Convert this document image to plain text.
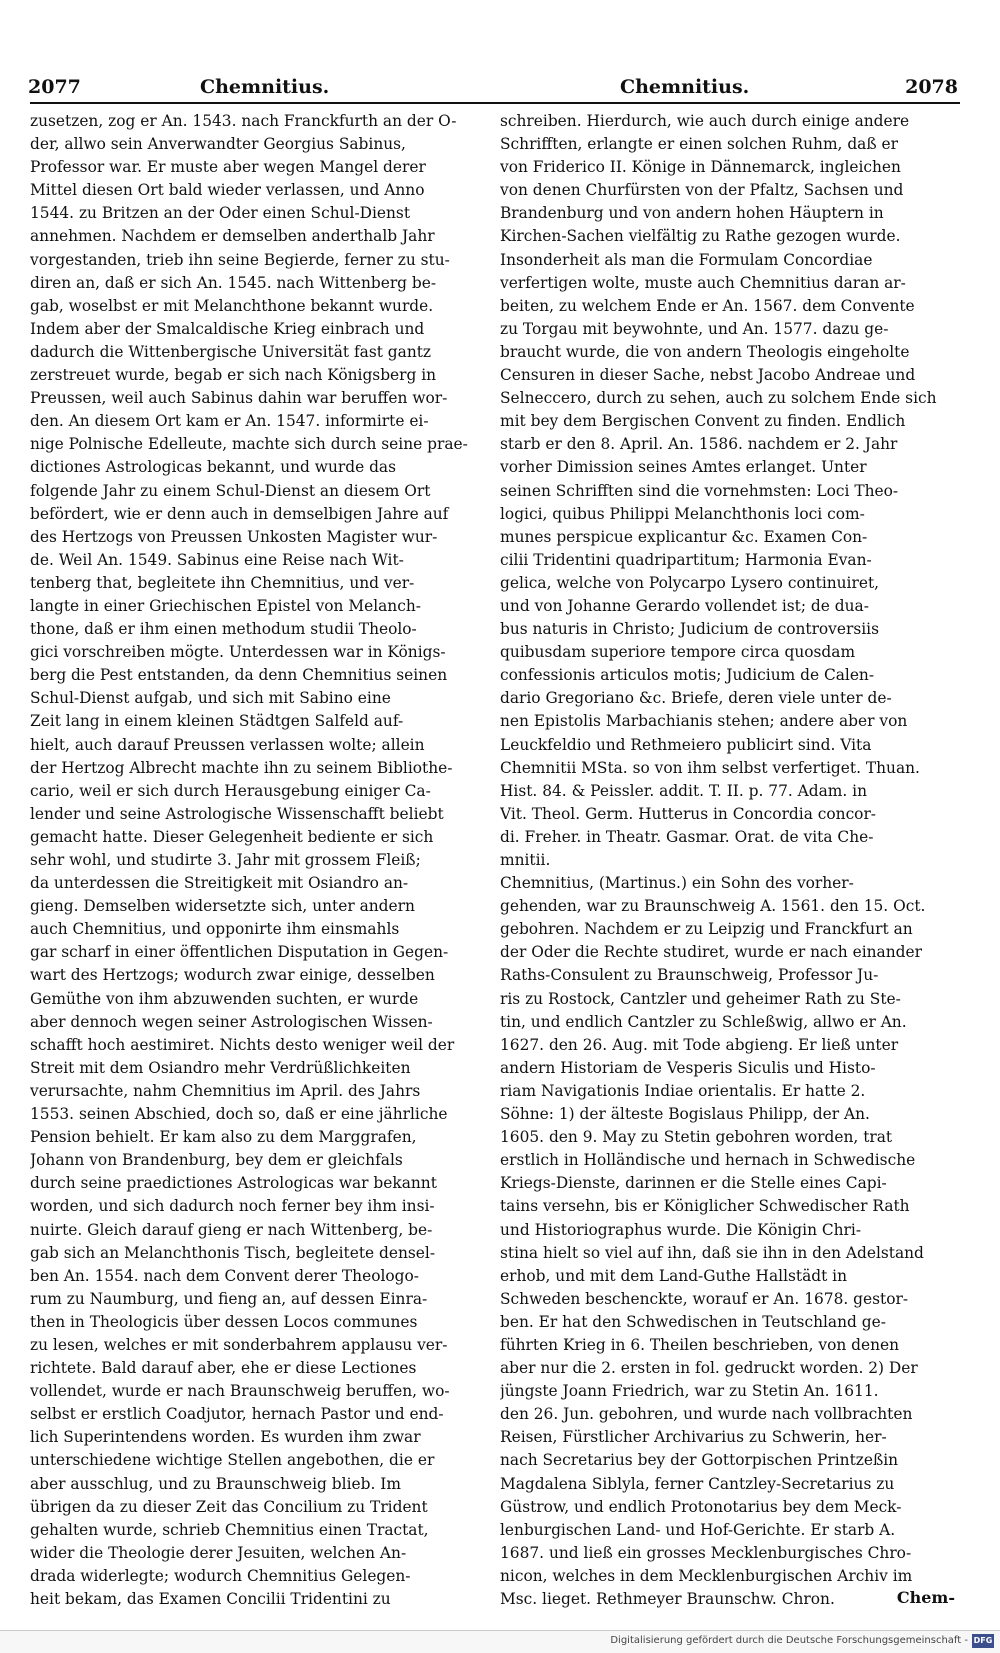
2077	Chemnitius.	Chemnitius.	2078
zusetzen, zog er An. 1543. nach Franckfurth an der O-
der, allwo sein Anverwandter Georgius Sabinus,
Professor war. Er muste aber wegen Mangel derer
Mittel diesen Ort bald wieder verlassen, und Anno
1544. zu Britzen an der Oder einen Schul-Dienst
annehmen. Nachdem er demselben anderthalb Jahr
vorgestanden, trieb ihn seine Begierde, ferner zu stu-
diren an, daß er sich An. 1545. nach Wittenberg be-
gab, woselbst er mit Melanchthone bekannt wurde.
Indem aber der Smalcaldische Krieg einbrach und
dadurch die Wittenbergische Universität fast gantz
zerstreuet wurde, begab er sich nach Königsberg in
Preussen, weil auch Sabinus dahin war beruffen wor-
den. An diesem Ort kam er An. 1547. informirte ei-
nige Polnische Edelleute, machte sich durch seine prae-
dictiones Astrologicas bekannt, und wurde das
folgende Jahr zu einem Schul-Dienst an diesem Ort
befördert, wie er denn auch in demselbigen Jahre auf
des Hertzogs von Preussen Unkosten Magister wur-
de. Weil An. 1549. Sabinus eine Reise nach Wit-
tenberg that, begleitete ihn Chemnitius, und ver-
langte in einer Griechischen Epistel von Melanch-
thone, daß er ihm einen methodum studii Theolo-
gici vorschreiben mögte. Unterdessen war in Königs-
berg die Pest entstanden, da denn Chemnitius seinen
Schul-Dienst aufgab, und sich mit Sabino eine
Zeit lang in einem kleinen Städtgen Salfeld auf-
hielt, auch darauf Preussen verlassen wolte; allein
der Hertzog Albrecht machte ihn zu seinem Bibliothe-
cario, weil er sich durch Herausgebung einiger Ca-
lender und seine Astrologische Wissenschafft beliebt
gemacht hatte. Dieser Gelegenheit bediente er sich
sehr wohl, und studirte 3. Jahr mit grossem Fleiß;
da unterdessen die Streitigkeit mit Osiandro an-
gieng. Demselben widersetzte sich, unter andern
auch Chemnitius, und opponirte ihm einsmahls
gar scharf in einer öffentlichen Disputation in Gegen-
wart des Hertzogs; wodurch zwar einige, desselben
Gemüthe von ihm abzuwenden suchten, er wurde
aber dennoch wegen seiner Astrologischen Wissen-
schafft hoch aestimiret. Nichts desto weniger weil der
Streit mit dem Osiandro mehr Verdrüßlichkeiten
verursachte, nahm Chemnitius im April. des Jahrs
1553. seinen Abschied, doch so, daß er eine jährliche
Pension behielt. Er kam also zu dem Marggrafen,
Johann von Brandenburg, bey dem er gleichfals
durch seine praedictiones Astrologicas war bekannt
worden, und sich dadurch noch ferner bey ihm insi-
nuirte. Gleich darauf gieng er nach Wittenberg, be-
gab sich an Melanchthonis Tisch, begleitete densel-
ben An. 1554. nach dem Convent derer Theologo-
rum zu Naumburg, und fieng an, auf dessen Einra-
then in Theologicis über dessen Locos communes
zu lesen, welches er mit sonderbahrem applausu ver-
richtete. Bald darauf aber, ehe er diese Lectiones
vollendet, wurde er nach Braunschweig beruffen, wo-
selbst er erstlich Coadjutor, hernach Pastor und end-
lich Superintendens worden. Es wurden ihm zwar
unterschiedene wichtige Stellen angebothen, die er
aber ausschlug, und zu Braunschweig blieb. Im
übrigen da zu dieser Zeit das Concilium zu Trident
gehalten wurde, schrieb Chemnitius einen Tractat,
wider die Theologie derer Jesuiten, welchen An-
drada widerlegte; wodurch Chemnitius Gelegen-
heit bekam, das Examen Concilii Tridentini zu
schreiben. Hierdurch, wie auch durch einige andere
Schrifften, erlangte er einen solchen Ruhm, daß er
von Friderico II. Könige in Dännemarck, ingleichen
von denen Churfürsten von der Pfaltz, Sachsen und
Brandenburg und von andern hohen Häuptern in
Kirchen-Sachen vielfältig zu Rathe gezogen wurde.
Insonderheit als man die Formulam Concordiae
verfertigen wolte, muste auch Chemnitius daran ar-
beiten, zu welchem Ende er An. 1567. dem Convente
zu Torgau mit beywohnte, und An. 1577. dazu ge-
braucht wurde, die von andern Theologis eingeholte
Censuren in dieser Sache, nebst Jacobo Andreae und
Selneccero, durch zu sehen, auch zu solchem Ende sich
mit bey dem Bergischen Convent zu finden. Endlich
starb er den 8. April. An. 1586. nachdem er 2. Jahr
vorher Dimission seines Amtes erlanget. Unter
seinen Schrifften sind die vornehmsten: Loci Theo-
logici, quibus Philippi Melanchthonis loci com-
munes perspicue explicantur &c. Examen Con-
cilii Tridentini quadripartitum; Harmonia Evan-
gelica, welche von Polycarpo Lysero continuiret,
und von Johanne Gerardo vollendet ist; de dua-
bus naturis in Christo; Judicium de controversiis
quibusdam superiore tempore circa quosdam
confessionis articulos motis; Judicium de Calen-
dario Gregoriano &c. Briefe, deren viele unter de-
nen Epistolis Marbachianis stehen; andere aber von
Leuckfeldio und Rethmeiero publicirt sind. Vita
Chemnitii MSta. so von ihm selbst verfertiget. Thuan.
Hist. 84. & Peissler. addit. T. II. p. 77. Adam. in
Vit. Theol. Germ. Hutterus in Concordia concor-
di. Freher. in Theatr. Gasmar. Orat. de vita Che-
mnitii.
Chemnitius, (Martinus.) ein Sohn des vorher-
gehenden, war zu Braunschweig A. 1561. den 15. Oct.
gebohren. Nachdem er zu Leipzig und Franckfurt an
der Oder die Rechte studiret, wurde er nach einander
Raths-Consulent zu Braunschweig, Professor Ju-
ris zu Rostock, Cantzler und geheimer Rath zu Ste-
tin, und endlich Cantzler zu Schleßwig, allwo er An.
1627. den 26. Aug. mit Tode abgieng. Er ließ unter
andern Historiam de Vesperis Siculis und Histo-
riam Navigationis Indiae orientalis. Er hatte 2.
Söhne: 1) der älteste Bogislaus Philipp, der An.
1605. den 9. May zu Stetin gebohren worden, trat
erstlich in Holländische und hernach in Schwedische
Kriegs-Dienste, darinnen er die Stelle eines Capi-
tains versehn, bis er Königlicher Schwedischer Rath
und Historiographus wurde. Die Königin Chri-
stina hielt so viel auf ihn, daß sie ihn in den Adelstand
erhob, und mit dem Land-Guthe Hallstädt in
Schweden beschenckte, worauf er An. 1678. gestor-
ben. Er hat den Schwedischen in Teutschland ge-
führten Krieg in 6. Theilen beschrieben, von denen
aber nur die 2. ersten in fol. gedruckt worden. 2) Der
jüngste Joann Friedrich, war zu Stetin An. 1611.
den 26. Jun. gebohren, und wurde nach vollbrachten
Reisen, Fürstlicher Archivarius zu Schwerin, her-
nach Secretarius bey der Gottorpischen Printzeßin
Magdalena Siblyla, ferner Cantzley-Secretarius zu
Güstrow, und endlich Protonotarius bey dem Meck-
lenburgischen Land- und Hof-Gerichte. Er starb A.
1687. und ließ ein grosses Mecklenburgisches Chro-
nicon, welches in dem Mecklenburgischen Archiv im
Msc. lieget. Rethmeyer Braunschw. Chron.	Chem-
Digitalisierung gefördert durch die Deutsche Forschungsgemeinschaft - DFG
